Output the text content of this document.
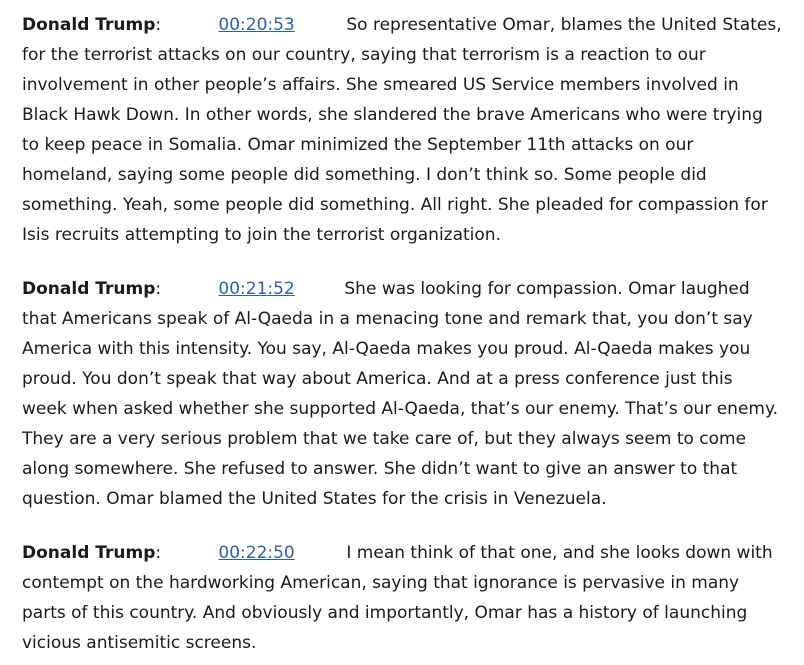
Donald Trump:	00:20:53	So representative Omar, blames the United States, for the terrorist attacks on our country, saying that terrorism is a reaction to our involvement in other people’s affairs. She smeared US Service members involved in Black Hawk Down. In other words, she slandered the brave Americans who were trying to keep peace in Somalia. Omar minimized the September 11th attacks on our homeland, saying some people did something. I don’t think so. Some people did something. Yeah, some people did something. All right. She pleaded for compassion for Isis recruits attempting to join the terrorist organization.

Donald Trump:	00:21:52	She was looking for compassion. Omar laughed that Americans speak of Al-Qaeda in a menacing tone and remark that, you don’t say America with this intensity. You say, Al-Qaeda makes you proud. Al-Qaeda makes you proud. You don’t speak that way about America. And at a press conference just this week when asked whether she supported Al-Qaeda, that’s our enemy. That’s our enemy. They are a very serious problem that we take care of, but they always seem to come along somewhere. She refused to answer. She didn’t want to give an answer to that question. Omar blamed the United States for the crisis in Venezuela.

Donald Trump:	00:22:50	I mean think of that one, and she looks down with contempt on the hardworking American, saying that ignorance is pervasive in many parts of this country. And obviously and importantly, Omar has a history of launching vicious antisemitic screens.
